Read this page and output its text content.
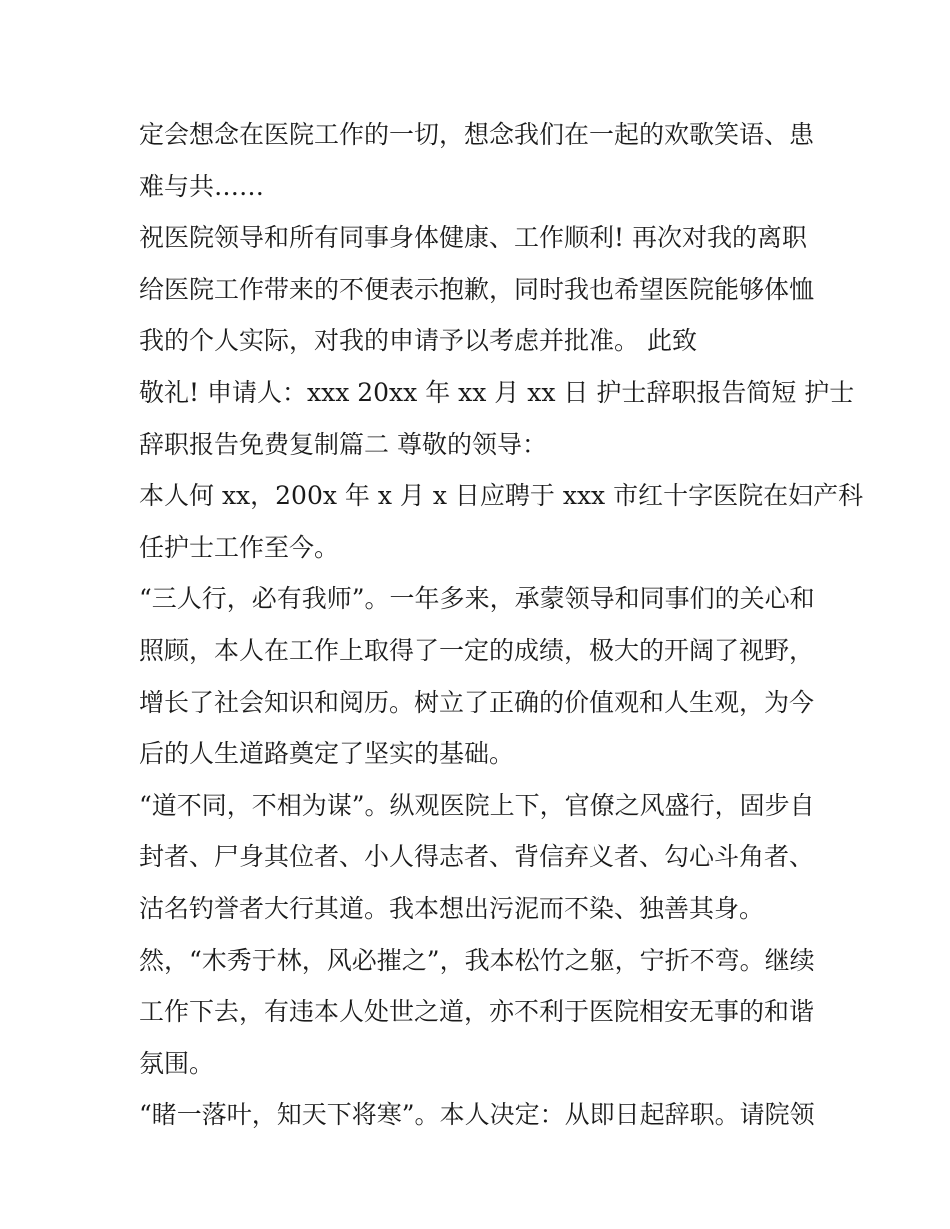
定会想念在医院工作的一切，想念我们在一起的欢歌笑语、患
难与共……
祝医院领导和所有同事身体健康、工作顺利! 再次对我的离职
给医院工作带来的不便表示抱歉，同时我也希望医院能够体恤
我的个人实际，对我的申请予以考虑并批准。 此致
敬礼! 申请人：xxx 20xx 年 xx 月 xx 日 护士辞职报告简短 护士
辞职报告免费复制篇二 尊敬的领导：
本人何 xx，200x 年 x 月 x 日应聘于 xxx 市红十字医院在妇产科
任护士工作至今。
“三人行，必有我师”。一年多来，承蒙领导和同事们的关心和
照顾，本人在工作上取得了一定的成绩，极大的开阔了视野，
增长了社会知识和阅历。树立了正确的价值观和人生观，为今
后的人生道路奠定了坚实的基础。
“道不同，不相为谋”。纵观医院上下，官僚之风盛行，固步自
封者、尸身其位者、小人得志者、背信弃义者、勾心斗角者、
沽名钓誉者大行其道。我本想出污泥而不染、独善其身。
然，“木秀于林，风必摧之”，我本松竹之躯，宁折不弯。继续
工作下去，有违本人处世之道，亦不利于医院相安无事的和谐
氛围。
“睹一落叶，知天下将寒”。本人决定：从即日起辞职。请院领
